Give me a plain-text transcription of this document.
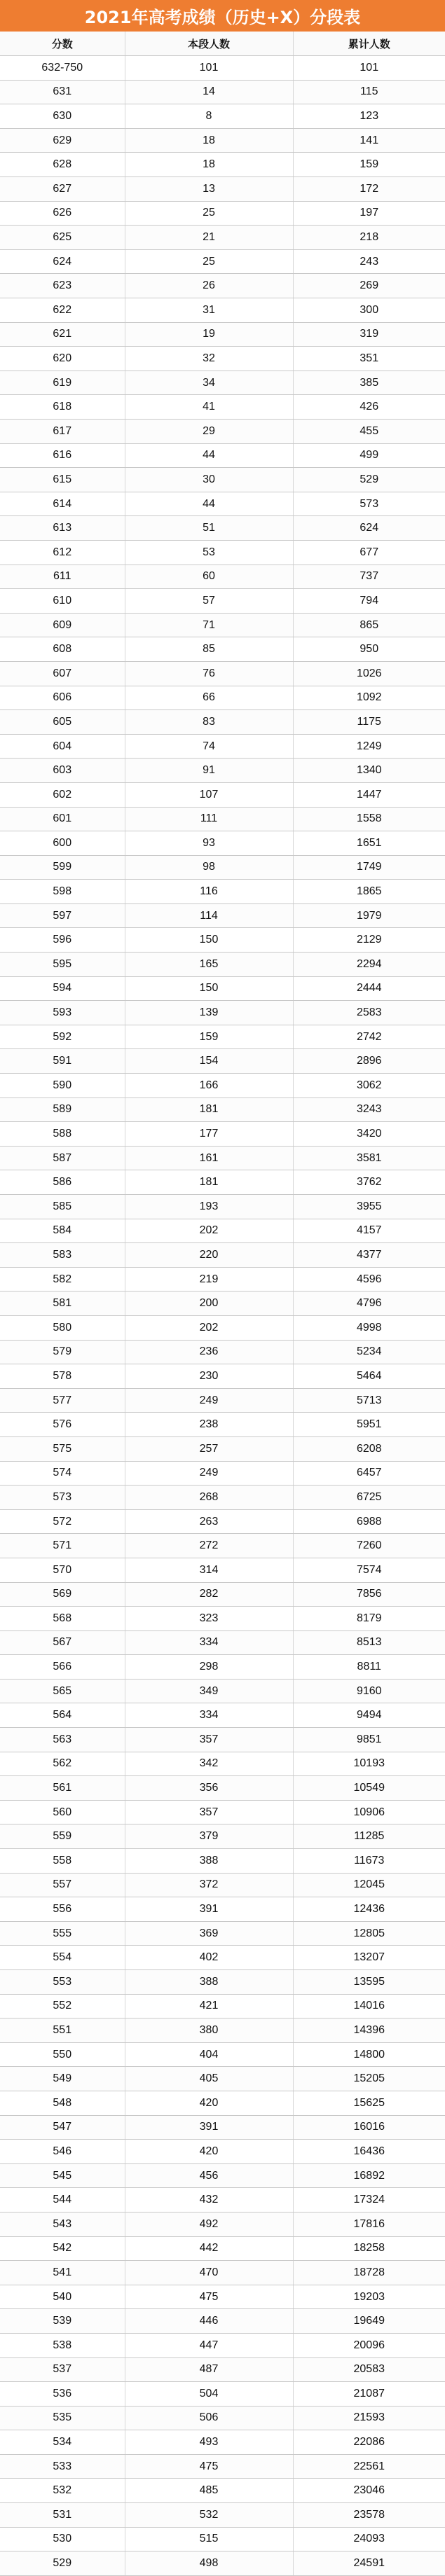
2021年高考成绩（历史+X）分段表
分数	本段人数	累计人数
632-750	101	101
631	14	115
630	8	123
629	18	141
628	18	159
627	13	172
626	25	197
625	21	218
624	25	243
623	26	269
622	31	300
621	19	319
620	32	351
619	34	385
618	41	426
617	29	455
616	44	499
615	30	529
614	44	573
613	51	624
612	53	677
611	60	737
610	57	794
609	71	865
608	85	950
607	76	1026
606	66	1092
605	83	1175
604	74	1249
603	91	1340
602	107	1447
601	111	1558
600	93	1651
599	98	1749
598	116	1865
597	114	1979
596	150	2129
595	165	2294
594	150	2444
593	139	2583
592	159	2742
591	154	2896
590	166	3062
589	181	3243
588	177	3420
587	161	3581
586	181	3762
585	193	3955
584	202	4157
583	220	4377
582	219	4596
581	200	4796
580	202	4998
579	236	5234
578	230	5464
577	249	5713
576	238	5951
575	257	6208
574	249	6457
573	268	6725
572	263	6988
571	272	7260
570	314	7574
569	282	7856
568	323	8179
567	334	8513
566	298	8811
565	349	9160
564	334	9494
563	357	9851
562	342	10193
561	356	10549
560	357	10906
559	379	11285
558	388	11673
557	372	12045
556	391	12436
555	369	12805
554	402	13207
553	388	13595
552	421	14016
551	380	14396
550	404	14800
549	405	15205
548	420	15625
547	391	16016
546	420	16436
545	456	16892
544	432	17324
543	492	17816
542	442	18258
541	470	18728
540	475	19203
539	446	19649
538	447	20096
537	487	20583
536	504	21087
535	506	21593
534	493	22086
533	475	22561
532	485	23046
531	532	23578
530	515	24093
529	498	24591
